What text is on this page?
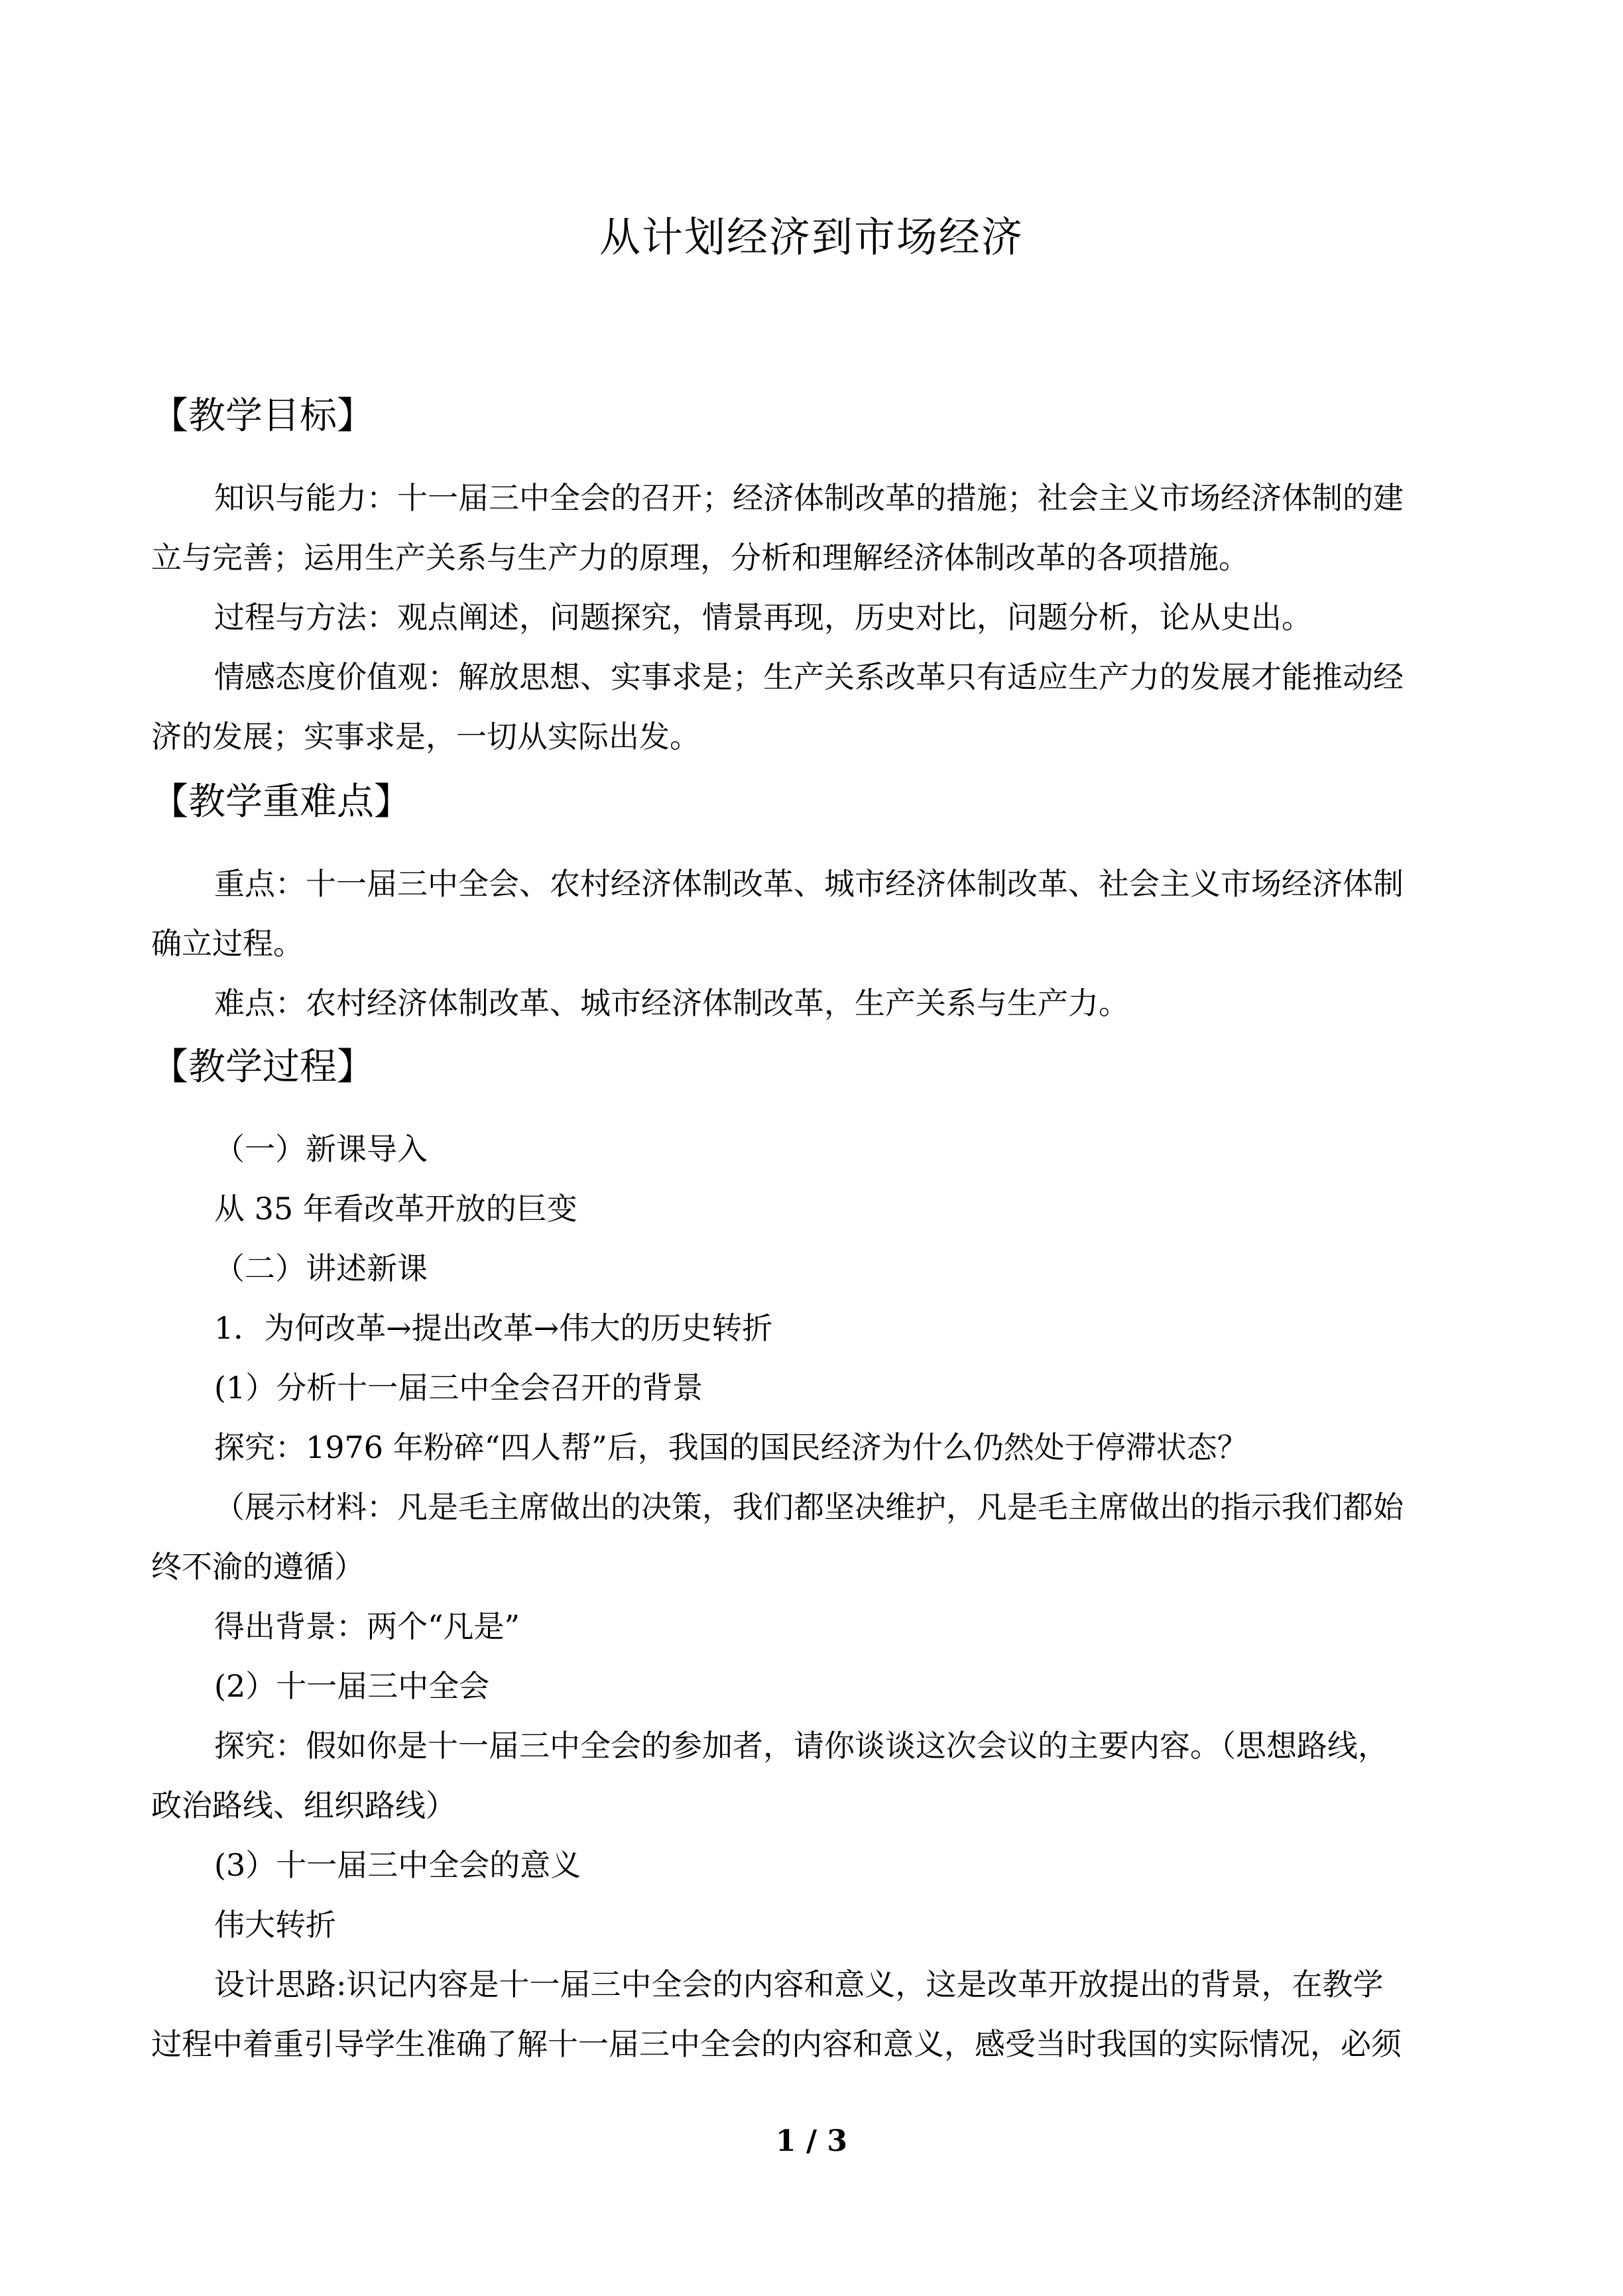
从计划经济到市场经济
【教学目标】
知识与能力：十一届三中全会的召开；经济体制改革的措施；社会主义市场经济体制的建
立与完善；运用生产关系与生产力的原理，分析和理解经济体制改革的各项措施。
过程与方法：观点阐述，问题探究，情景再现，历史对比，问题分析，论从史出。
情感态度价值观：解放思想、实事求是；生产关系改革只有适应生产力的发展才能推动经
济的发展；实事求是，一切从实际出发。
【教学重难点】
重点：十一届三中全会、农村经济体制改革、城市经济体制改革、社会主义市场经济体制
确立过程。
难点：农村经济体制改革、城市经济体制改革，生产关系与生产力。
【教学过程】
（一）新课导入
从 35 年看改革开放的巨变
（二）讲述新课
1．为何改革→提出改革→伟大的历史转折
(1）分析十一届三中全会召开的背景
探究：1976 年粉碎“四人帮”后，我国的国民经济为什么仍然处于停滞状态？
（展示材料：凡是毛主席做出的决策，我们都坚决维护，凡是毛主席做出的指示我们都始
终不渝的遵循）
得出背景：两个“凡是”
(2）十一届三中全会
探究：假如你是十一届三中全会的参加者，请你谈谈这次会议的主要内容。（思想路线，
政治路线、组织路线）
(3）十一届三中全会的意义
伟大转折
设计思路:识记内容是十一届三中全会的内容和意义，这是改革开放提出的背景，在教学
过程中着重引导学生准确了解十一届三中全会的内容和意义，感受当时我国的实际情况，必须
1 / 3
